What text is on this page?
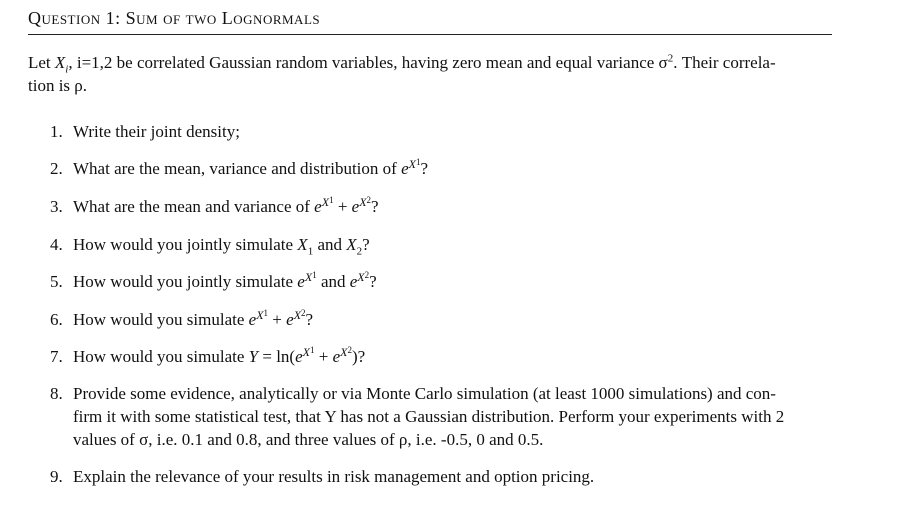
Question 1: Sum of two Lognormals
Let $X_i$, i=1,2 be correlated Gaussian random variables, having zero mean and equal variance $\sigma^2$. Their correla-
tion is ρ.
1. Write their joint density;
2. What are the mean, variance and distribution of $e^{X^1}$?
3. What are the mean and variance of $e^{X^1} + e^{X^2}$?
4. How would you jointly simulate $X_1$ and $X_2$?
5. How would you jointly simulate $e^{X^1}$ and $e^{X^2}$?
6. How would you simulate $e^{X^1} + e^{X^2}$?
7. How would you simulate $Y = \ln(e^{X^1} + e^{X^2})$?
8. Provide some evidence, analytically or via Monte Carlo simulation (at least 1000 simulations) and con-
firm it with some statistical test, that Y has not a Gaussian distribution. Perform your experiments with 2
values of σ, i.e. 0.1 and 0.8, and three values of ρ, i.e. -0.5, 0 and 0.5.
9. Explain the relevance of your results in risk management and option pricing.
